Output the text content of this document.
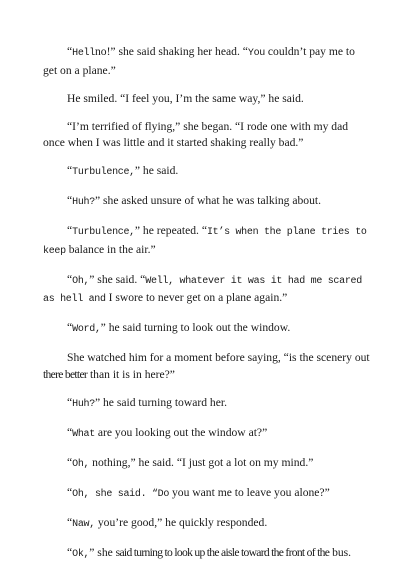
“Hellno!” she said shaking her head. “You couldn’t pay me to get on a plane.”

He smiled. “I feel you, I’m the same way,” he said.

“I’m terrified of flying,” she began. “I rode one with my dad once when I was little and it started shaking really bad.”

“Turbulence,” he said.

“Huh?” she asked unsure of what he was talking about.

“Turbulence,” he repeated. “It’s when the plane tries to keep balance in the air.”

“Oh,” she said. “Well, whatever it was it had me scared as hell and I swore to never get on a plane again.”

“Word,” he said turning to look out the window.

She watched him for a moment before saying, “is the scenery out there better than it is in here?”

“Huh?” he said turning toward her.

“What are you looking out the window at?”

“Oh, nothing,” he said. “I just got a lot on my mind.”

“Oh, she said. “Do you want me to leave you alone?”

“Naw, you’re good,” he quickly responded.

“Ok,” she said turning to look up the aisle toward the front of the bus.
